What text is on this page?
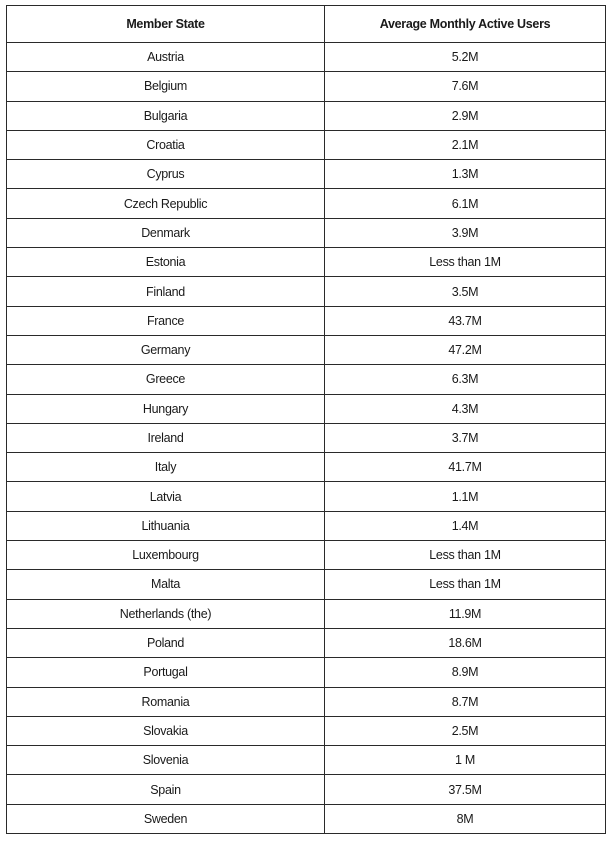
Member State	Average Monthly Active Users
Austria	5.2M
Belgium	7.6M
Bulgaria	2.9M
Croatia	2.1M
Cyprus	1.3M
Czech Republic	6.1M
Denmark	3.9M
Estonia	Less than 1M
Finland	3.5M
France	43.7M
Germany	47.2M
Greece	6.3M
Hungary	4.3M
Ireland	3.7M
Italy	41.7M
Latvia	1.1M
Lithuania	1.4M
Luxembourg	Less than 1M
Malta	Less than 1M
Netherlands (the)	11.9M
Poland	18.6M
Portugal	8.9M
Romania	8.7M
Slovakia	2.5M
Slovenia	1 M
Spain	37.5M
Sweden	8M
